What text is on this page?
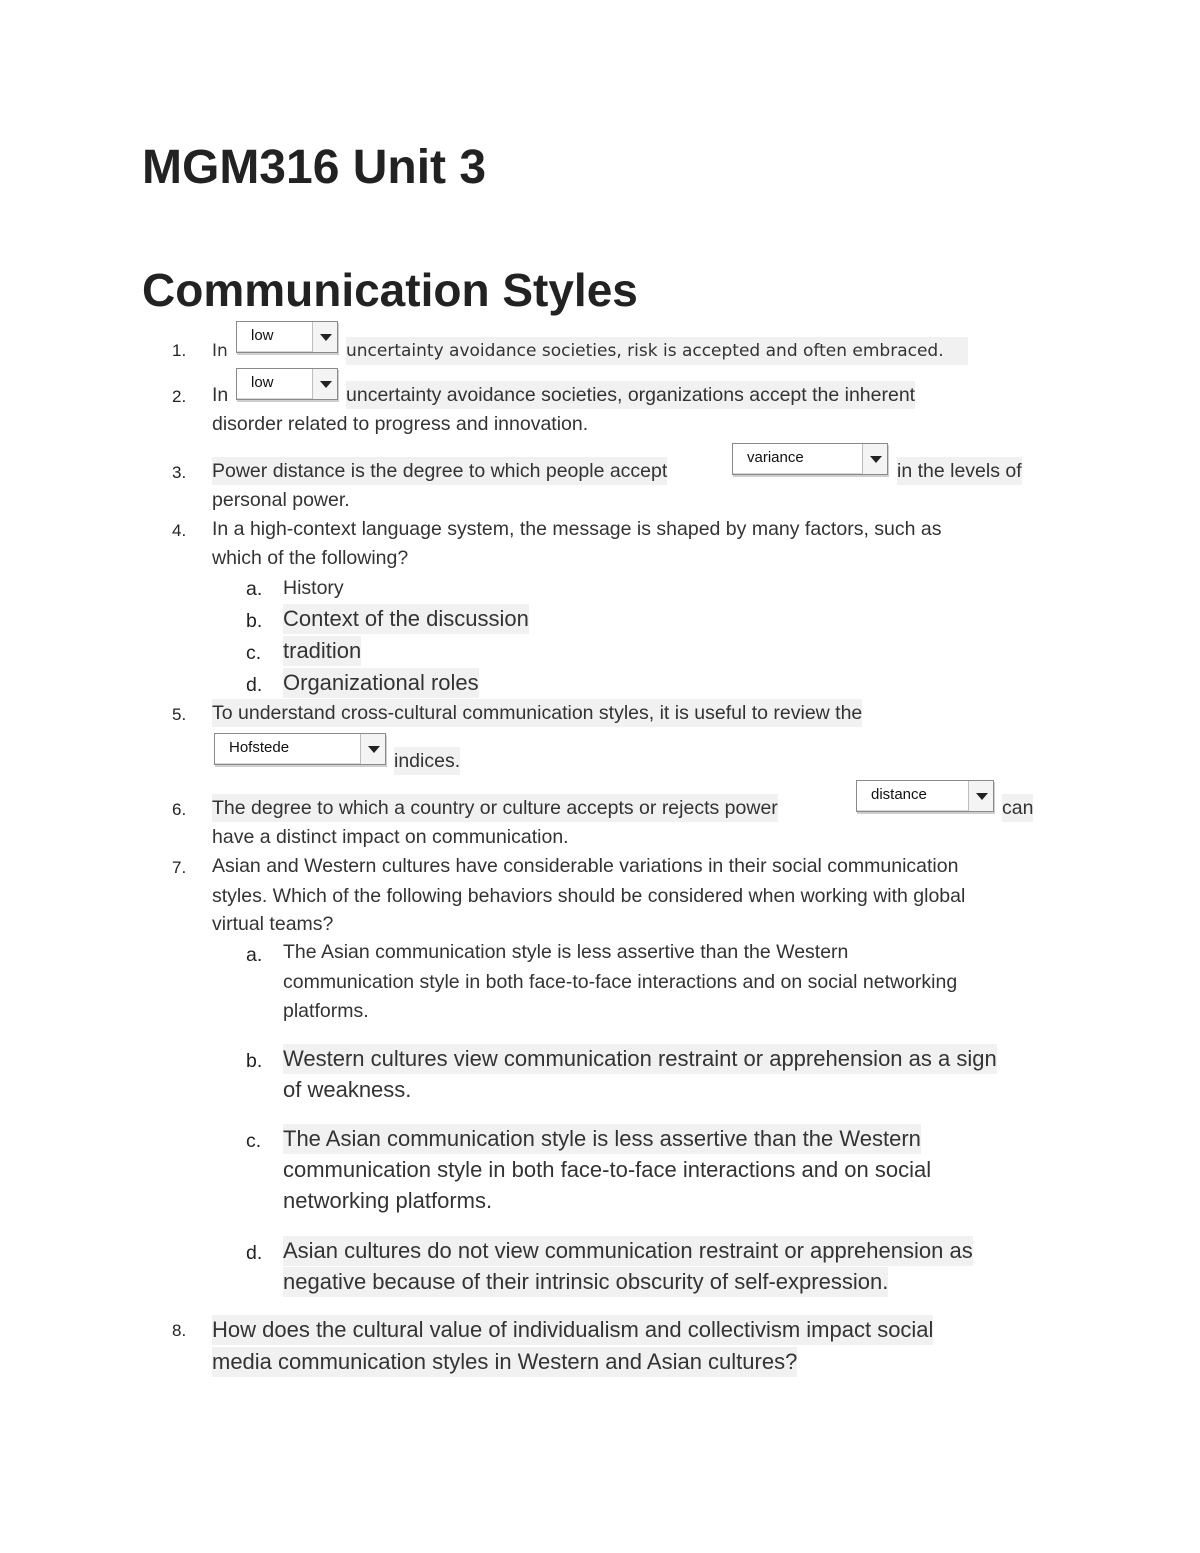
MGM316 Unit 3
Communication Styles
1. In
low
uncertainty avoidance societies, risk is accepted and often embraced.
2. In
low
uncertainty avoidance societies, organizations accept the inherent
disorder related to progress and innovation.
3. Power distance is the degree to which people accept
variance
in the levels of
personal power.
4. In a high-context language system, the message is shaped by many factors, such as
which of the following?
a. History
b. Context of the discussion
c. tradition
d. Organizational roles
5. To understand cross-cultural communication styles, it is useful to review the
Hofstede
indices.
6. The degree to which a country or culture accepts or rejects power
distance
can
have a distinct impact on communication.
7. Asian and Western cultures have considerable variations in their social communication
styles. Which of the following behaviors should be considered when working with global
virtual teams?
a. The Asian communication style is less assertive than the Western
communication style in both face-to-face interactions and on social networking
platforms.
b. Western cultures view communication restraint or apprehension as a sign
of weakness.
c. The Asian communication style is less assertive than the Western
communication style in both face-to-face interactions and on social
networking platforms.
d. Asian cultures do not view communication restraint or apprehension as
negative because of their intrinsic obscurity of self-expression.
8. How does the cultural value of individualism and collectivism impact social
media communication styles in Western and Asian cultures?
